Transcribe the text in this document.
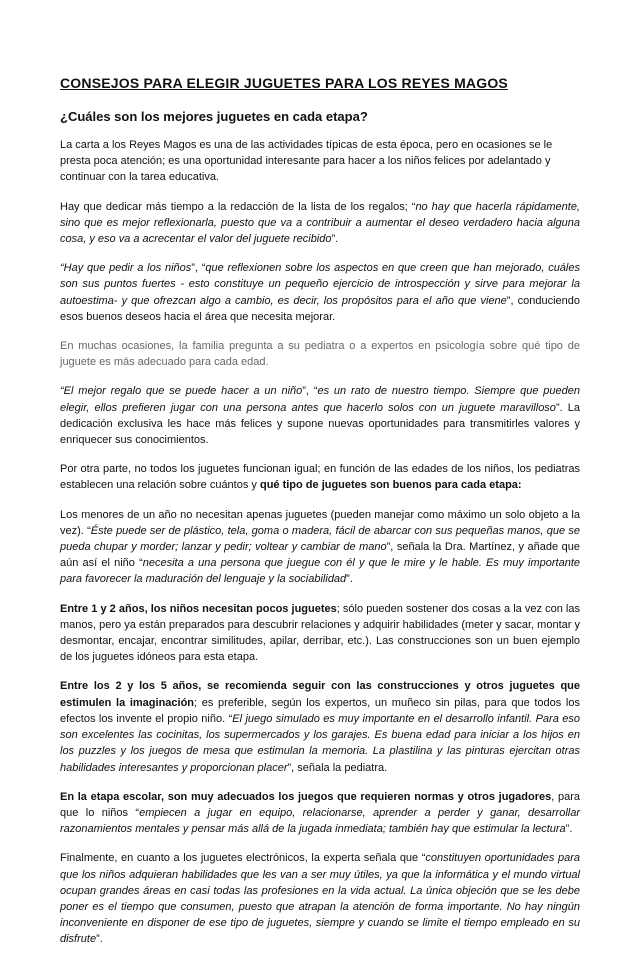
CONSEJOS PARA ELEGIR JUGUETES PARA LOS REYES MAGOS
¿Cuáles son los mejores juguetes en cada etapa?

La carta a los Reyes Magos es una de las actividades típicas de esta época, pero en ocasiones se le presta poca atención; es una oportunidad interesante para hacer a los niños felices por adelantado y continuar con la tarea educativa.

Hay que dedicar más tiempo a la redacción de la lista de los regalos; “no hay que hacerla rápidamente, sino que es mejor reflexionarla, puesto que va a contribuir a aumentar el deseo verdadero hacia alguna cosa, y eso va a acrecentar el valor del juguete recibido”.

“Hay que pedir a los niños”, “que reflexionen sobre los aspectos en que creen que han mejorado, cuáles son sus puntos fuertes - esto constituye un pequeño ejercicio de introspección y sirve para mejorar la autoestima- y que ofrezcan algo a cambio, es decir, los propósitos para el año que viene”, conduciendo esos buenos deseos hacia el área que necesita mejorar.

En muchas ocasiones, la familia pregunta a su pediatra o a expertos en psicología sobre qué tipo de juguete es más adecuado para cada edad.

“El mejor regalo que se puede hacer a un niño”, “es un rato de nuestro tiempo. Siempre que pueden elegir, ellos prefieren jugar con una persona antes que hacerlo solos con un juguete maravilloso”. La dedicación exclusiva les hace más felices y supone nuevas oportunidades para transmitirles valores y enriquecer sus conocimientos.

Por otra parte, no todos los juguetes funcionan igual; en función de las edades de los niños, los pediatras establecen una relación sobre cuántos y qué tipo de juguetes son buenos para cada etapa:

Los menores de un año no necesitan apenas juguetes (pueden manejar como máximo un solo objeto a la vez). “Éste puede ser de plástico, tela, goma o madera, fácil de abarcar con sus pequeñas manos, que se pueda chupar y morder; lanzar y pedir; voltear y cambiar de mano”, señala la Dra. Martínez, y añade que aún así el niño “necesita a una persona que juegue con él y que le mire y le hable. Es muy importante para favorecer la maduración del lenguaje y la sociabilidad”.

Entre 1 y 2 años, los niños necesitan pocos juguetes; sólo pueden sostener dos cosas a la vez con las manos, pero ya están preparados para descubrir relaciones y adquirir habilidades (meter y sacar, montar y desmontar, encajar, encontrar similitudes, apilar, derribar, etc.). Las construcciones son un buen ejemplo de los juguetes idóneos para esta etapa.

Entre los 2 y los 5 años, se recomienda seguir con las construcciones y otros juguetes que estimulen la imaginación; es preferible, según los expertos, un muñeco sin pilas, para que todos los efectos los invente el propio niño. “El juego simulado es muy importante en el desarrollo infantil. Para eso son excelentes las cocinitas, los supermercados y los garajes. Es buena edad para iniciar a los hijos en los puzzles y los juegos de mesa que estimulan la memoria. La plastilina y las pinturas ejercitan otras habilidades interesantes y proporcionan placer”, señala la pediatra.

En la etapa escolar, son muy adecuados los juegos que requieren normas y otros jugadores, para que lo niños “empiecen a jugar en equipo, relacionarse, aprender a perder y ganar, desarrollar razonamientos mentales y pensar más allá de la jugada inmediata; también hay que estimular la lectura”.

Finalmente, en cuanto a los juguetes electrónicos, la experta señala que “constituyen oportunidades para que los niños adquieran habilidades que les van a ser muy útiles, ya que la informática y el mundo virtual ocupan grandes áreas en casi todas las profesiones en la vida actual. La única objeción que se les debe poner es el tiempo que consumen, puesto que atrapan la atención de forma importante. No hay ningún inconveniente en disponer de ese tipo de juguetes, siempre y cuando se limite el tiempo empleado en su disfrute”.
